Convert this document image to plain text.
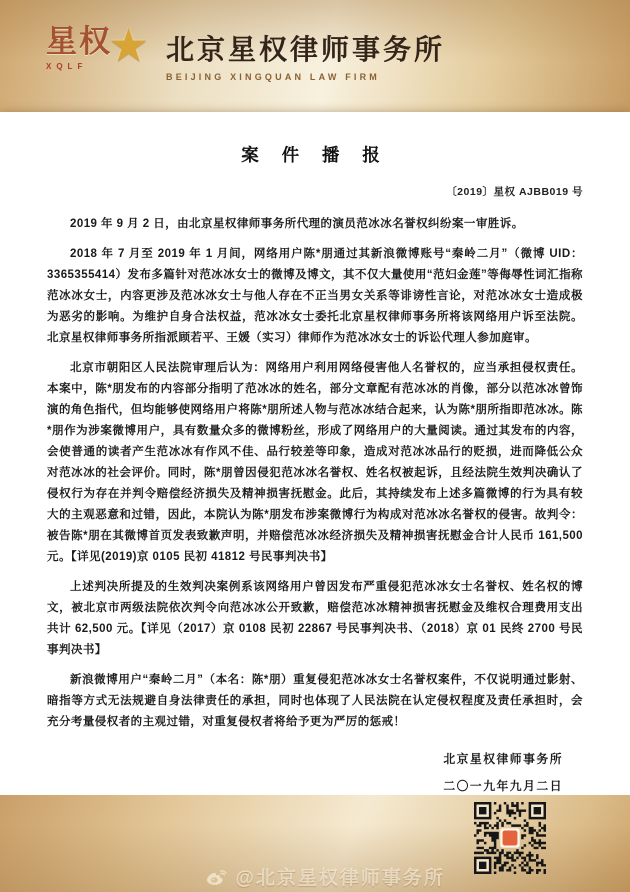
星权
XQLF ★ 北京星权律师事务所
BEIJING XINGQUAN LAW FIRM
案 件 播 报
〔2019〕星权 AJBB019 号

2019 年 9 月 2 日，由北京星权律师事务所代理的演员范冰冰名誉权纠纷案一审胜诉。

2018 年 7 月至 2019 年 1 月间，网络用户陈*朋通过其新浪微博账号“秦岭二月”（微博 UID：3365355414）发布多篇针对范冰冰女士的微博及博文，其不仅大量使用“范妇金莲”等侮辱性词汇指称范冰冰女士，内容更涉及范冰冰女士与他人存在不正当男女关系等诽谤性言论，对范冰冰女士造成极为恶劣的影响。为维护自身合法权益，范冰冰女士委托北京星权律师事务所将该网络用户诉至法院。北京星权律师事务所指派顾若平、王媛（实习）律师作为范冰冰女士的诉讼代理人参加庭审。

北京市朝阳区人民法院审理后认为：网络用户利用网络侵害他人名誉权的，应当承担侵权责任。本案中，陈*朋发布的内容部分指明了范冰冰的姓名，部分文章配有范冰冰的肖像，部分以范冰冰曾饰演的角色指代，但均能够使网络用户将陈*朋所述人物与范冰冰结合起来，认为陈*朋所指即范冰冰。陈*朋作为涉案微博用户，具有数量众多的微博粉丝，形成了网络用户的大量阅读。通过其发布的内容，会使普通的读者产生范冰冰有作风不佳、品行较差等印象，造成对范冰冰品行的贬损，进而降低公众对范冰冰的社会评价。同时，陈*朋曾因侵犯范冰冰名誉权、姓名权被起诉，且经法院生效判决确认了侵权行为存在并判令赔偿经济损失及精神损害抚慰金。此后，其持续发布上述多篇微博的行为具有较大的主观恶意和过错，因此，本院认为陈*朋发布涉案微博行为构成对范冰冰名誉权的侵害。故判令：被告陈*朋在其微博首页发表致歉声明，并赔偿范冰冰经济损失及精神损害抚慰金合计人民币 161,500 元。【详见(2019)京 0105 民初 41812 号民事判决书】

上述判决所提及的生效判决案例系该网络用户曾因发布严重侵犯范冰冰女士名誉权、姓名权的博文，被北京市两级法院依次判令向范冰冰公开致歉，赔偿范冰冰精神损害抚慰金及维权合理费用支出共计 62,500 元。【详见（2017）京 0108 民初 22867 号民事判决书、（2018）京 01 民终 2700 号民事判决书】

新浪微博用户“秦岭二月”（本名：陈*朋）重复侵犯范冰冰女士名誉权案件，不仅说明通过影射、暗指等方式无法规避自身法律责任的承担，同时也体现了人民法院在认定侵权程度及责任承担时，会充分考量侵权者的主观过错，对重复侵权者将给予更为严厉的惩戒！

北京星权律师事务所
二〇一九年九月二日
@北京星权律师事务所
